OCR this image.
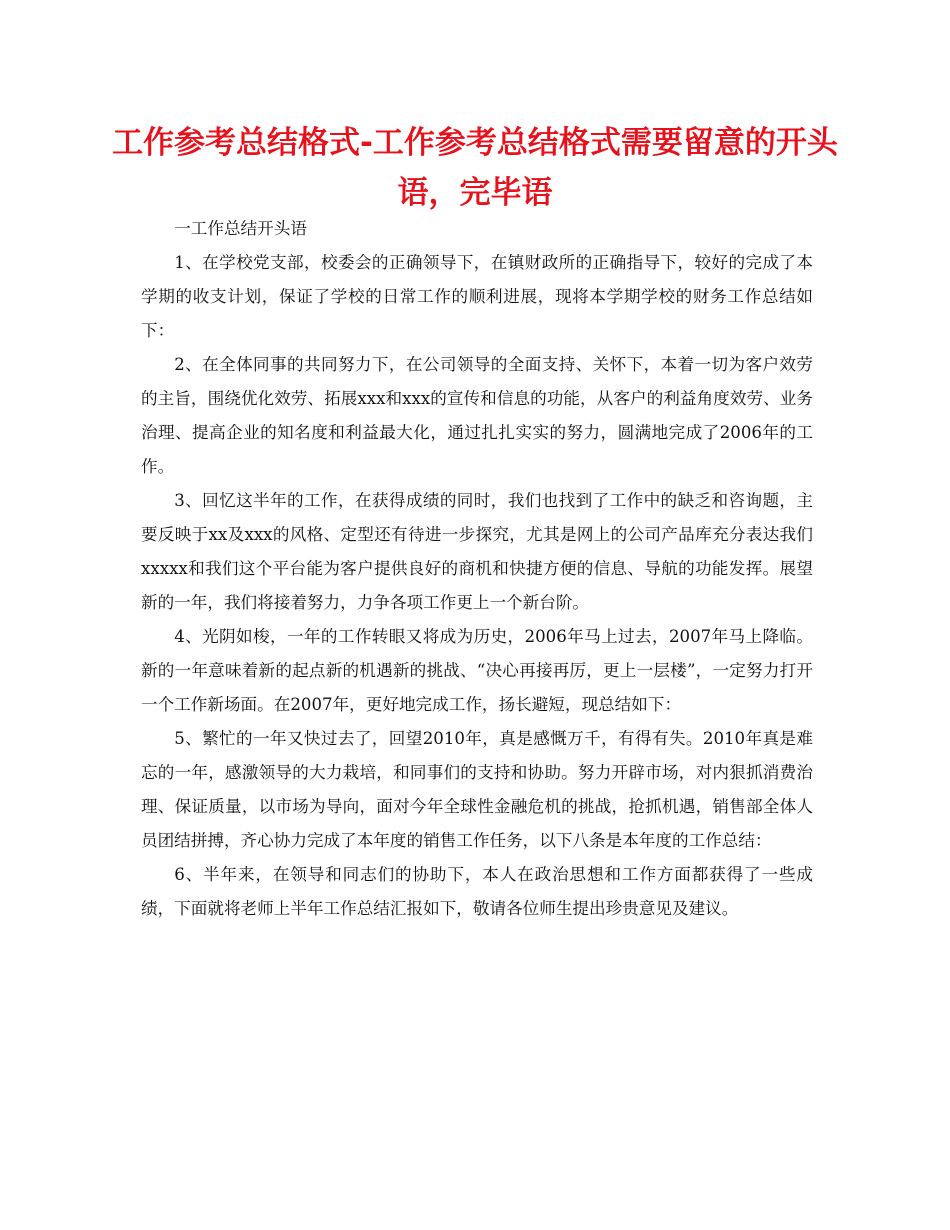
工作参考总结格式-工作参考总结格式需要留意的开头语，完毕语

一工作总结开头语

1、在学校党支部，校委会的正确领导下，在镇财政所的正确指导下，较好的完成了本学期的收支计划，保证了学校的日常工作的顺利进展，现将本学期学校的财务工作总结如下：

2、在全体同事的共同努力下，在公司领导的全面支持、关怀下，本着一切为客户效劳的主旨，围绕优化效劳、拓展xxx和xxx的宣传和信息的功能，从客户的利益角度效劳、业务治理、提高企业的知名度和利益最大化，通过扎扎实实的努力，圆满地完成了2006年的工作。

3、回忆这半年的工作，在获得成绩的同时，我们也找到了工作中的缺乏和咨询题，主要反映于xx及xxx的风格、定型还有待进一步探究，尤其是网上的公司产品库充分表达我们xxxxx和我们这个平台能为客户提供良好的商机和快捷方便的信息、导航的功能发挥。展望新的一年，我们将接着努力，力争各项工作更上一个新台阶。

4、光阴如梭，一年的工作转眼又将成为历史，2006年马上过去，2007年马上降临。新的一年意味着新的起点新的机遇新的挑战、“决心再接再厉，更上一层楼”，一定努力打开一个工作新场面。在2007年，更好地完成工作，扬长避短，现总结如下：

5、繁忙的一年又快过去了，回望2010年，真是感慨万千，有得有失。2010年真是难忘的一年，感激领导的大力栽培，和同事们的支持和协助。努力开辟市场，对内狠抓消费治理、保证质量，以市场为导向，面对今年全球性金融危机的挑战，抢抓机遇，销售部全体人员团结拼搏，齐心协力完成了本年度的销售工作任务，以下八条是本年度的工作总结：

6、半年来，在领导和同志们的协助下，本人在政治思想和工作方面都获得了一些成绩，下面就将老师上半年工作总结汇报如下，敬请各位师生提出珍贵意见及建议。
